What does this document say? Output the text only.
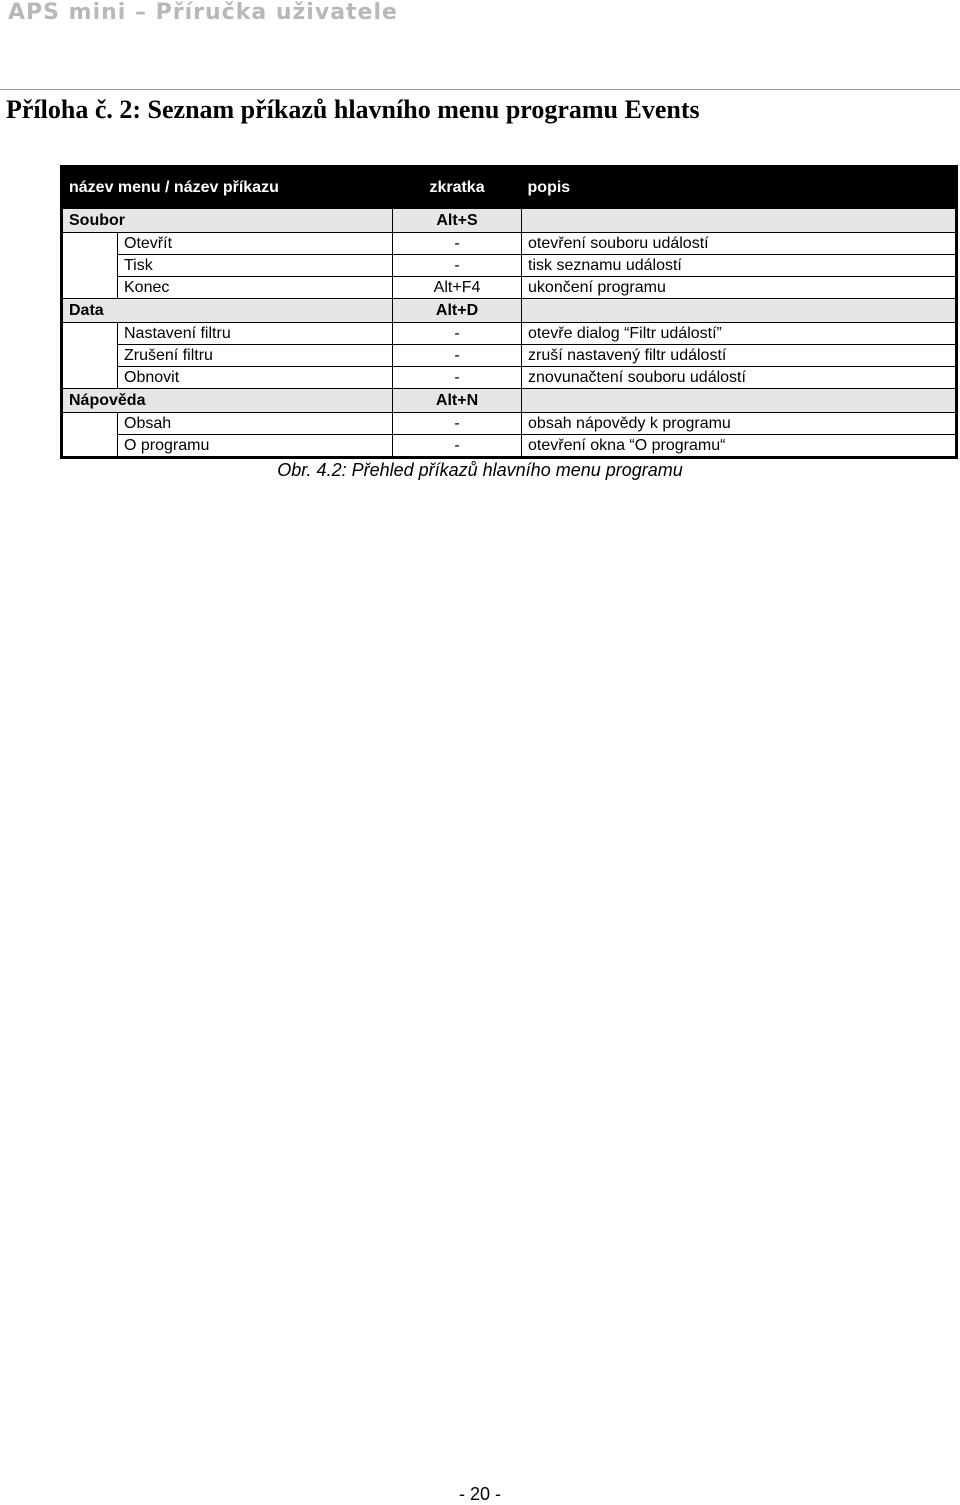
APS mini – Příručka uživatele
Příloha č. 2: Seznam příkazů hlavního menu programu Events
název menu / název příkazu		zkratka	popis
Soubor		Alt+S	
	Otevřít	-	otevření souboru událostí
	Tisk	-	tisk seznamu událostí
	Konec	Alt+F4	ukončení programu
Data		Alt+D	
	Nastavení filtru	-	otevře dialog “Filtr událostí”
	Zrušení filtru	-	zruší nastavený filtr událostí
	Obnovit	-	znovunačtení souboru událostí
Nápověda		Alt+N	
	Obsah	-	obsah nápovědy k programu
	O programu	-	otevření okna “O programu“
Obr. 4.2: Přehled příkazů hlavního menu programu
- 20 -
